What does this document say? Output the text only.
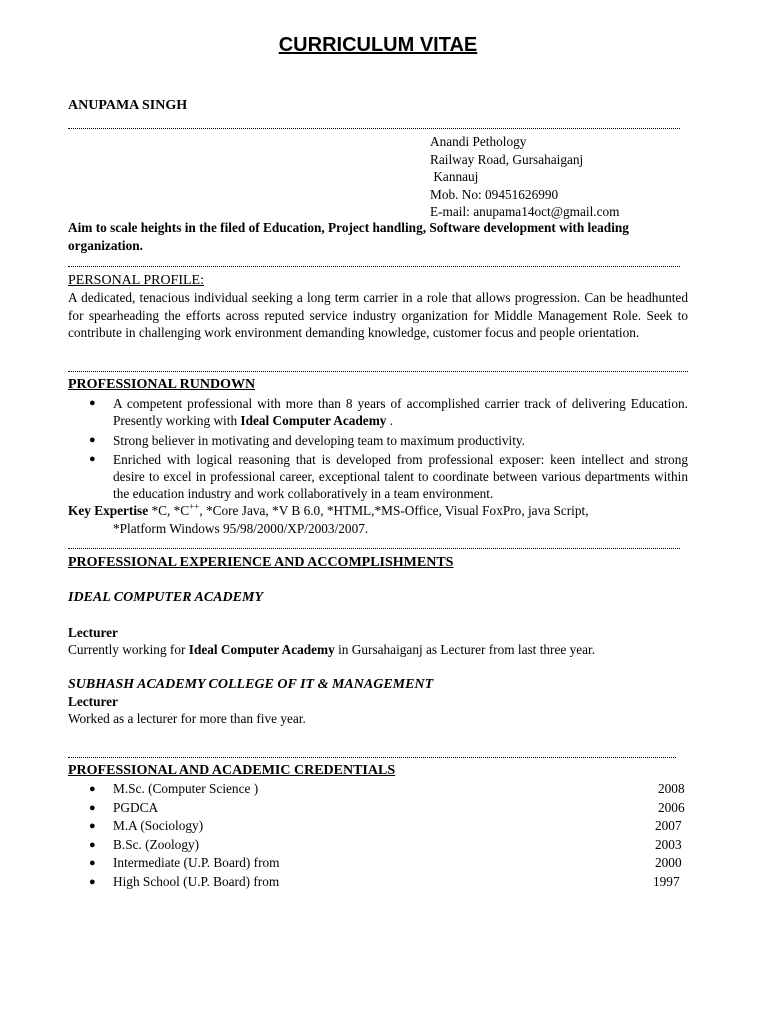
CURRICULUM VITAE
ANUPAMA SINGH
Anandi Pethology
Railway Road, Gursahaiganj
Kannauj
Mob. No: 09451626990
E-mail: anupama14oct@gmail.com
Aim to scale heights in the filed of Education, Project handling, Software development with leading organization.
PERSONAL PROFILE:
A dedicated, tenacious individual seeking a long term carrier in a role that allows progression. Can be headhunted for spearheading the efforts across reputed service industry organization for Middle Management Role. Seek to contribute in challenging work environment demanding knowledge, customer focus and people orientation.
PROFESSIONAL RUNDOWN
● A competent professional with more than 8 years of accomplished carrier track of delivering Education. Presently working with Ideal Computer Academy .
● Strong believer in motivating and developing team to maximum productivity.
● Enriched with logical reasoning that is developed from professional exposer: keen intellect and strong desire to excel in professional career, exceptional talent to coordinate between various departments within the education industry and work collaboratively in a team environment.
Key Expertise *C, *C++, *Core Java, *V B 6.0, *HTML,*MS-Office, Visual FoxPro, java Script,
*Platform Windows 95/98/2000/XP/2003/2007.
PROFESSIONAL EXPERIENCE AND ACCOMPLISHMENTS
IDEAL COMPUTER ACADEMY
Lecturer
Currently working for Ideal Computer Academy in Gursahaiganj as Lecturer from last three year.
SUBHASH ACADEMY COLLEGE OF IT & MANAGEMENT
Lecturer
Worked as a lecturer for more than five year.
PROFESSIONAL AND ACADEMIC CREDENTIALS
● M.Sc. (Computer Science )	2008
● PGDCA	2006
● M.A (Sociology)	2007
● B.Sc. (Zoology)	2003
● Intermediate (U.P. Board) from	2000
● High School (U.P. Board) from	1997
